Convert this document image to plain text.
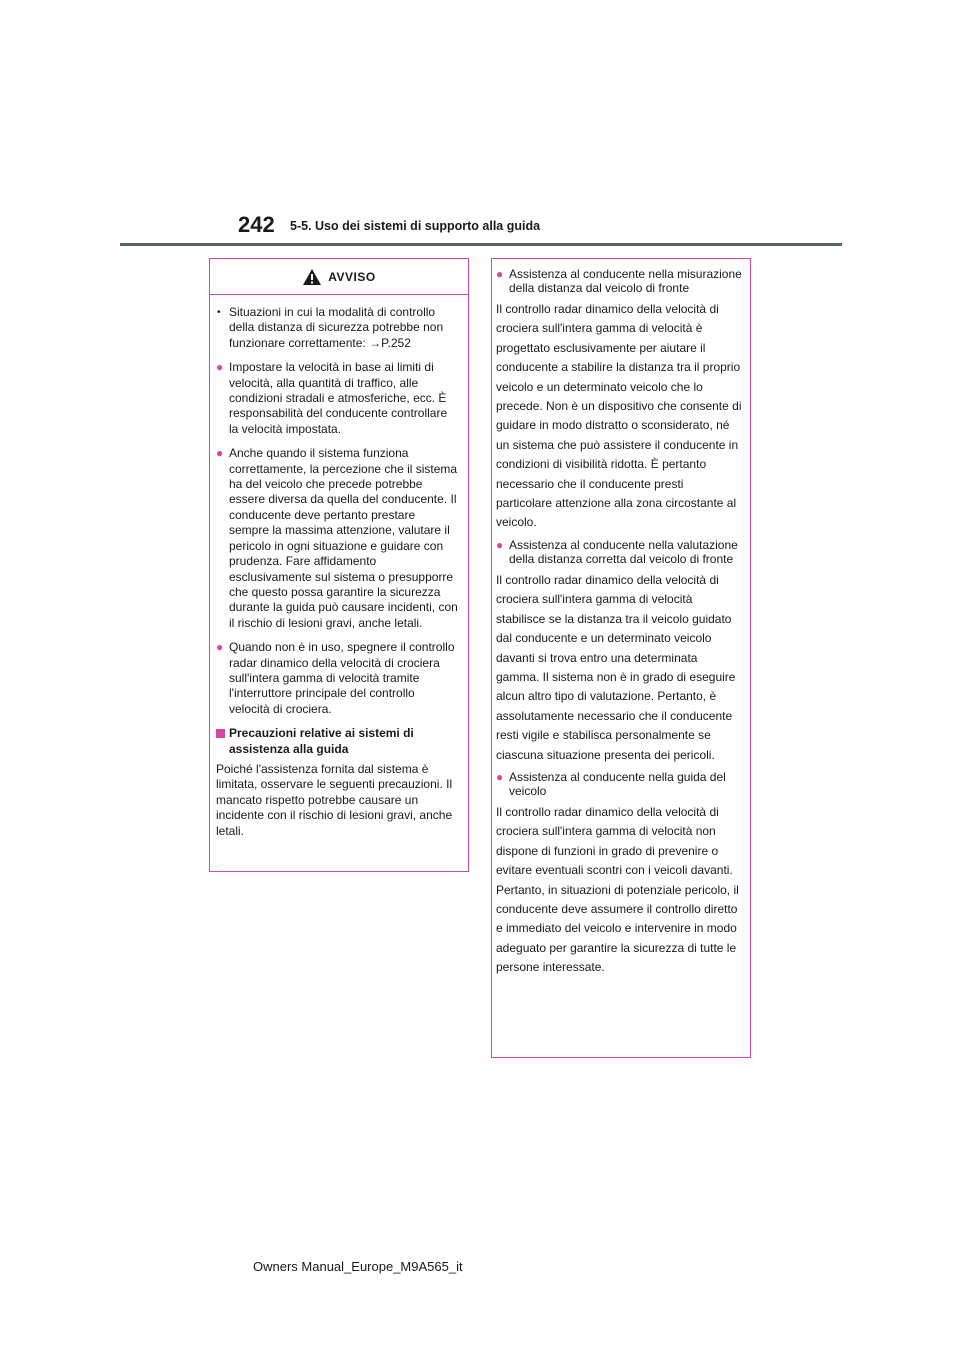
242 5-5. Uso dei sistemi di supporto alla guida
AVVISO
• Situazioni in cui la modalità di controllo della distanza di sicurezza potrebbe non funzionare correttamente: →P.252
● Impostare la velocità in base ai limiti di velocità, alla quantità di traffico, alle condizioni stradali e atmosferiche, ecc. È responsabilità del conducente controllare la velocità impostata.
● Anche quando il sistema funziona correttamente, la percezione che il sistema ha del veicolo che precede potrebbe essere diversa da quella del conducente. Il conducente deve pertanto prestare sempre la massima attenzione, valutare il pericolo in ogni situazione e guidare con prudenza. Fare affidamento esclusivamente sul sistema o presupporre che questo possa garantire la sicurezza durante la guida può causare incidenti, con il rischio di lesioni gravi, anche letali.
● Quando non è in uso, spegnere il controllo radar dinamico della velocità di crociera sull'intera gamma di velocità tramite l'interruttore principale del controllo velocità di crociera.
Precauzioni relative ai sistemi di assistenza alla guida
Poiché l'assistenza fornita dal sistema è limitata, osservare le seguenti precauzioni. Il mancato rispetto potrebbe causare un incidente con il rischio di lesioni gravi, anche letali.
● Assistenza al conducente nella misurazione della distanza dal veicolo di fronte
Il controllo radar dinamico della velocità di crociera sull'intera gamma di velocità è progettato esclusivamente per aiutare il conducente a stabilire la distanza tra il proprio veicolo e un determinato veicolo che lo precede. Non è un dispositivo che consente di guidare in modo distratto o sconsiderato, né un sistema che può assistere il conducente in condizioni di visibilità ridotta. È pertanto necessario che il conducente presti particolare attenzione alla zona circostante al veicolo.
● Assistenza al conducente nella valutazione della distanza corretta dal veicolo di fronte
Il controllo radar dinamico della velocità di crociera sull'intera gamma di velocità stabilisce se la distanza tra il veicolo guidato dal conducente e un determinato veicolo davanti si trova entro una determinata gamma. Il sistema non è in grado di eseguire alcun altro tipo di valutazione. Pertanto, è assolutamente necessario che il conducente resti vigile e stabilisca personalmente se ciascuna situazione presenta dei pericoli.
● Assistenza al conducente nella guida del veicolo
Il controllo radar dinamico della velocità di crociera sull'intera gamma di velocità non dispone di funzioni in grado di prevenire o evitare eventuali scontri con i veicoli davanti. Pertanto, in situazioni di potenziale pericolo, il conducente deve assumere il controllo diretto e immediato del veicolo e intervenire in modo adeguato per garantire la sicurezza di tutte le persone interessate.
Owners Manual_Europe_M9A565_it
